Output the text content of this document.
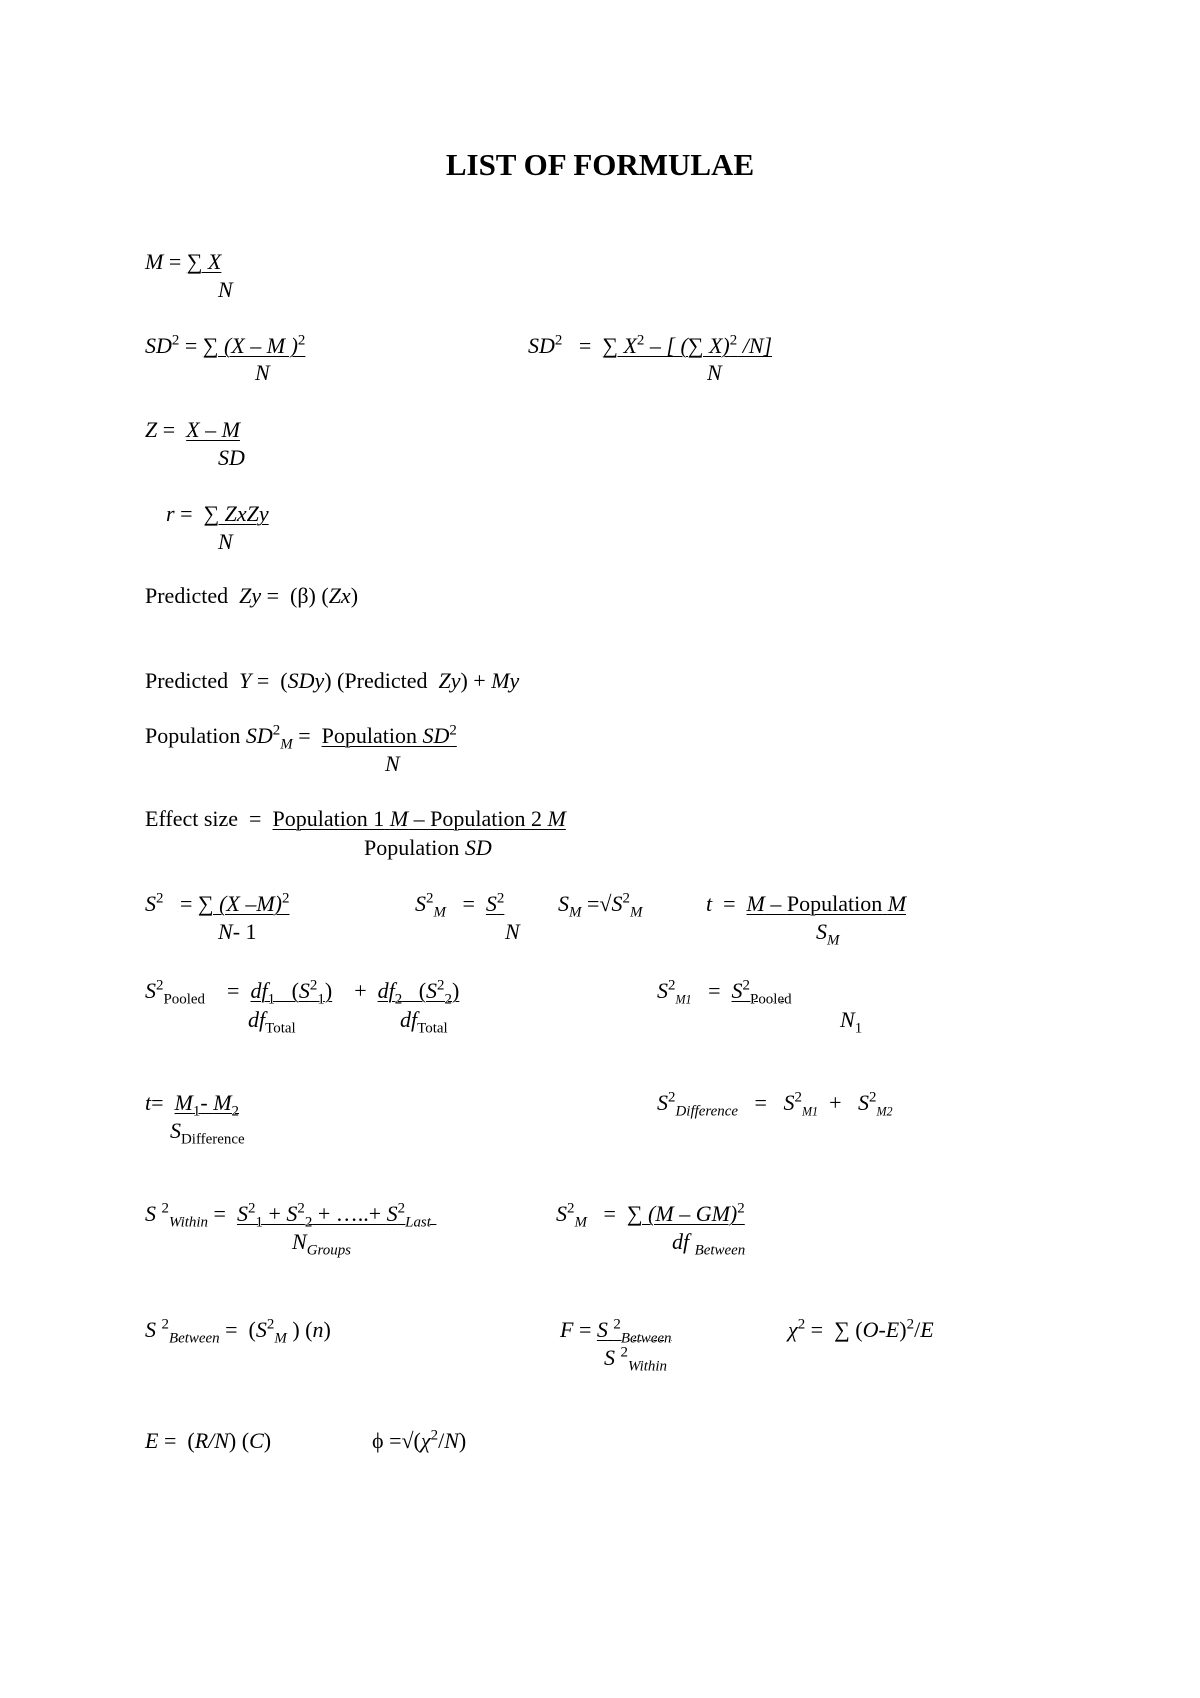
LIST OF FORMULAE
M = ∑ X
N
$SD^2$ = ∑ (X – M )$^2$
N
$SD^2$   =  ∑ $X^2$ – [ (∑ X)$^2$ /N]
N
Z =  X – M
SD
r =  ∑ ZxZy
N
Predicted Zy =  (β) (Zx)
Predicted Y =  (SDy) (Predicted Zy) + My
Population $SD^2_M$ =  Population $SD^2$
N
Effect size  =  Population 1 M – Population 2 M
Population SD
$S^2$   = ∑ (X –M)$^2$
N- 1
$S^2_M = S^2$
N
$S_M =√S^2_M$	t  =  M – Population M
$S_M$
$S^2_{Pooled}$    =  $df_1$   $(S^2_1)$    +  $df_2$   $(S^2_2)$
$df_{Total}$	$df_{Total}$
$S^2_{M1} = S^2_{Pooled}$
$N_1$
$t= M_1-$ $M_2$
$S_{Difference}$
$S^2_{Difference} = S^2_{M1} + S^2_{M2}$
S $^2_{Within} = S^2_1 + S^2_2$ + …..+ $S^2_{Last}$
$N_{Groups}$
$S^2_M$   =  ∑ (M – GM)$^2$
df $_{Between}$
S $^2_{Between} = (S^2_M$ ) (n)	F = S $^2_{Between}$
S $^2_{Within}$
$\chi^2$ =  ∑ $(O-E)^2/E$
E =  (R/N) (C)	$\phi =√(\chi^2/N)$
